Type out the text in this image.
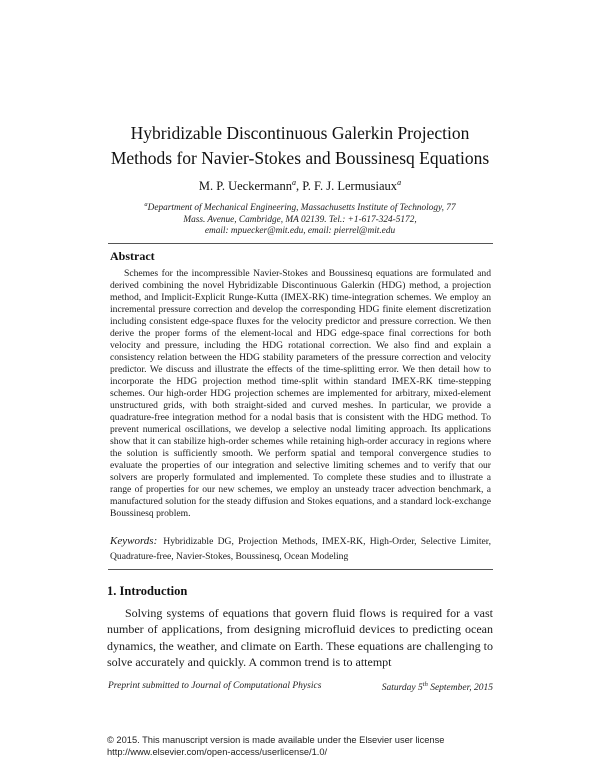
Hybridizable Discontinuous Galerkin Projection
Methods for Navier-Stokes and Boussinesq Equations
M. P. Ueckermann$^a$, P. F. J. Lermusiaux$^a$
$^a$Department of Mechanical Engineering, Massachusetts Institute of Technology, 77
Mass. Avenue, Cambridge, MA 02139. Tel.: +1-617-324-5172,
email: mpuecker@mit.edu, email: pierrel@mit.edu
Abstract
Schemes for the incompressible Navier-Stokes and Boussinesq equations are formulated and derived combining the novel Hybridizable Discontinuous Galerkin (HDG) method, a projection method, and Implicit-Explicit Runge-Kutta (IMEX-RK) time-integration schemes. We employ an incremental pressure correction and develop the corresponding HDG finite element discretization including consistent edge-space fluxes for the velocity predictor and pressure correction. We then derive the proper forms of the element-local and HDG edge-space final corrections for both velocity and pressure, including the HDG rotational correction. We also find and explain a consistency relation between the HDG stability parameters of the pressure correction and velocity predictor. We discuss and illustrate the effects of the time-splitting error. We then detail how to incorporate the HDG projection method time-split within standard IMEX-RK time-stepping schemes. Our high-order HDG projection schemes are implemented for arbitrary, mixed-element unstructured grids, with both straight-sided and curved meshes. In particular, we provide a quadrature-free integration method for a nodal basis that is consistent with the HDG method. To prevent numerical oscillations, we develop a selective nodal limiting approach. Its applications show that it can stabilize high-order schemes while retaining high-order accuracy in regions where the solution is sufficiently smooth. We perform spatial and temporal convergence studies to evaluate the properties of our integration and selective limiting schemes and to verify that our solvers are properly formulated and implemented. To complete these studies and to illustrate a range of properties for our new schemes, we employ an unsteady tracer advection benchmark, a manufactured solution for the steady diffusion and Stokes equations, and a standard lock-exchange Boussinesq problem.
Keywords: Hybridizable DG, Projection Methods, IMEX-RK, High-Order, Selective Limiter, Quadrature-free, Navier-Stokes, Boussinesq, Ocean Modeling
1. Introduction
Solving systems of equations that govern fluid flows is required for a vast number of applications, from designing microfluid devices to predicting ocean dynamics, the weather, and climate on Earth. These equations are challenging to solve accurately and quickly. A common trend is to attempt
Preprint submitted to Journal of Computational Physics	Saturday 5th September, 2015
© 2015. This manuscript version is made available under the Elsevier user license
http://www.elsevier.com/open-access/userlicense/1.0/
